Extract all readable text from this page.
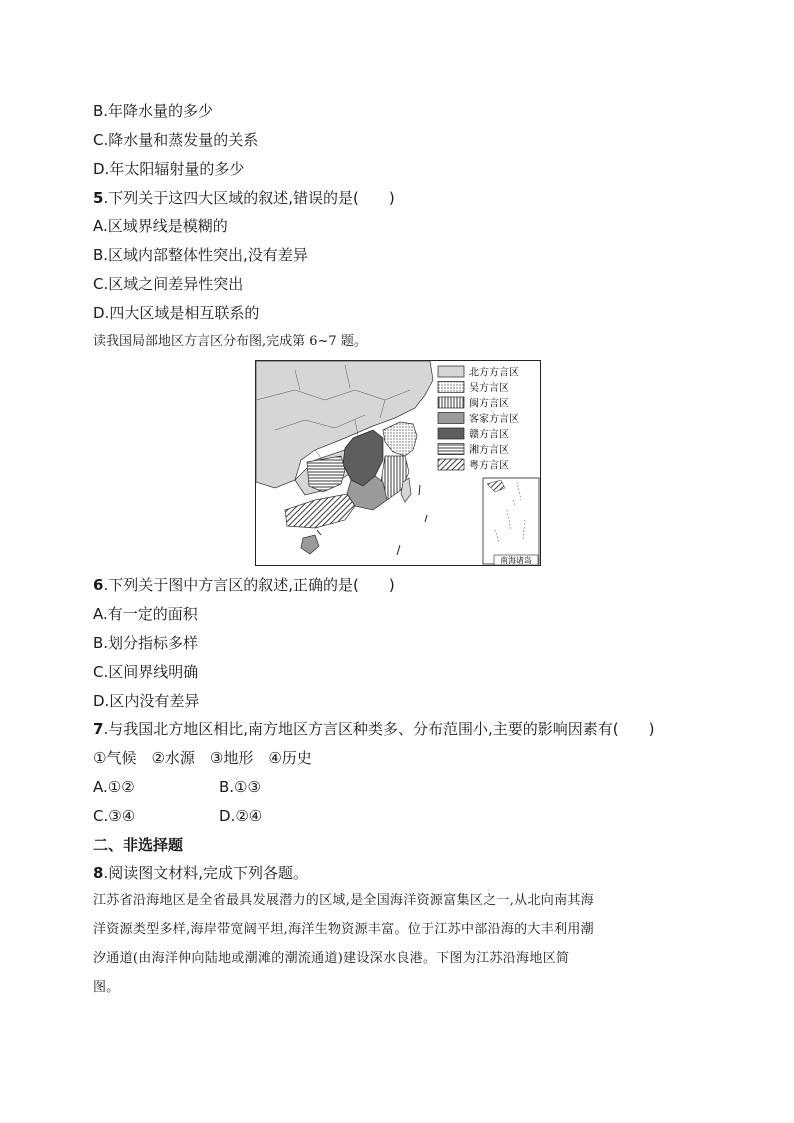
B.年降水量的多少
C.降水量和蒸发量的关系
D.年太阳辐射量的多少
5.下列关于这四大区域的叙述,错误的是(　　)
A.区域界线是模糊的
B.区域内部整体性突出,没有差异
C.区域之间差异性突出
D.四大区域是相互联系的
读我国局部地区方言区分布图,完成第 6~7 题。
北方方言区
吴方言区
闽方言区
客家方言区
赣方言区
湘方言区
粤方言区
南海诸岛
6.下列关于图中方言区的叙述,正确的是(　　)
A.有一定的面积
B.划分指标多样
C.区间界线明确
D.区内没有差异
7.与我国北方地区相比,南方地区方言区种类多、分布范围小,主要的影响因素有(　　)
①气候　②水源　③地形　④历史
A.①②	B.①③
C.③④	D.②④
二、非选择题
8.阅读图文材料,完成下列各题。
江苏省沿海地区是全省最具发展潜力的区域,是全国海洋资源富集区之一,从北向南其海
洋资源类型多样,海岸带宽阔平坦,海洋生物资源丰富。位于江苏中部沿海的大丰利用潮
汐通道(由海洋伸向陆地或潮滩的潮流通道)建设深水良港。下图为江苏沿海地区简
图。
